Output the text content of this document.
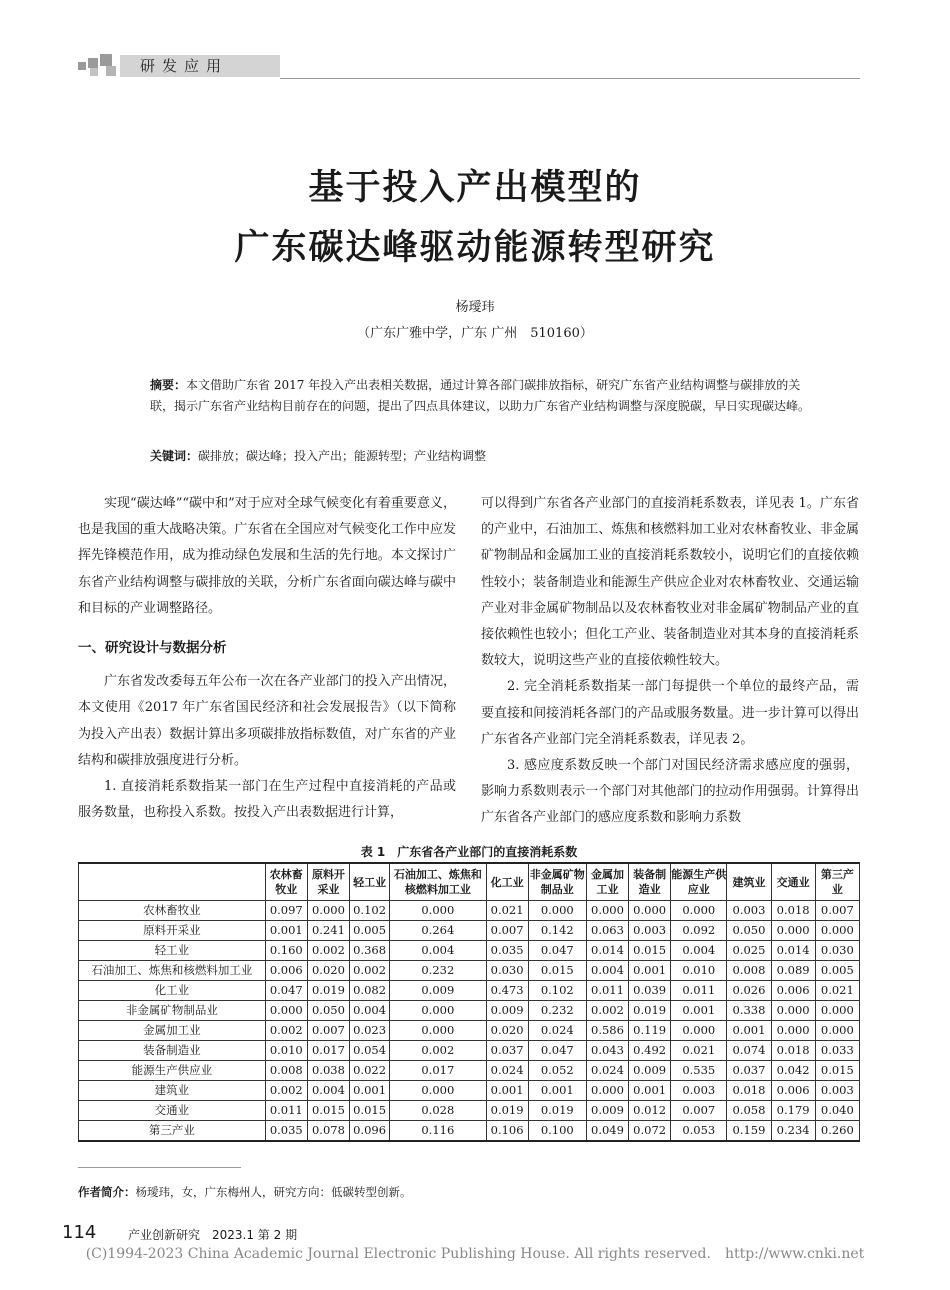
研发应用
基于投入产出模型的
广东碳达峰驱动能源转型研究
杨璦玮
（广东广雅中学，广东 广州　510160）
摘要：本文借助广东省 2017 年投入产出表相关数据，通过计算各部门碳排放指标，研究广东省产业结构调整与碳排放的关联，揭示广东省产业结构目前存在的问题，提出了四点具体建议，以助力广东省产业结构调整与深度脱碳，早日实现碳达峰。
关键词：碳排放；碳达峰；投入产出；能源转型；产业结构调整

实现“碳达峰”“碳中和”对于应对全球气候变化有着重要意义，也是我国的重大战略决策。广东省在全国应对气候变化工作中应发挥先锋模范作用，成为推动绿色发展和生活的先行地。本文探讨广东省产业结构调整与碳排放的关联，分析广东省面向碳达峰与碳中和目标的产业调整路径。

一、研究设计与数据分析

广东省发改委每五年公布一次在各产业部门的投入产出情况，本文使用《2017 年广东省国民经济和社会发展报告》（以下简称为投入产出表）数据计算出多项碳排放指标数值，对广东省的产业结构和碳排放强度进行分析。

1. 直接消耗系数指某一部门在生产过程中直接消耗的产品或服务数量，也称投入系数。按投入产出表数据进行计算，

可以得到广东省各产业部门的直接消耗系数表，详见表 1。广东省的产业中，石油加工、炼焦和核燃料加工业对农林畜牧业、非金属矿物制品和金属加工业的直接消耗系数较小，说明它们的直接依赖性较小；装备制造业和能源生产供应企业对农林畜牧业、交通运输产业对非金属矿物制品以及农林畜牧业对非金属矿物制品产业的直接依赖性也较小；但化工产业、装备制造业对其本身的直接消耗系数较大，说明这些产业的直接依赖性较大。

2. 完全消耗系数指某一部门每提供一个单位的最终产品，需要直接和间接消耗各部门的产品或服务数量。进一步计算可以得出广东省各产业部门完全消耗系数表，详见表 2。

3. 感应度系数反映一个部门对国民经济需求感应度的强弱，影响力系数则表示一个部门对其他部门的拉动作用强弱。计算得出广东省各产业部门的感应度系数和影响力系数

表 1　广东省各产业部门的直接消耗系数
	农林畜牧业	原料开采业	轻工业	石油加工、炼焦和核燃料加工业	化工业	非金属矿物制品业	金属加工业	装备制造业	能源生产供应业	建筑业	交通业	第三产业
农林畜牧业	0.097	0.000	0.102	0.000	0.021	0.000	0.000	0.000	0.000	0.003	0.018	0.007
原料开采业	0.001	0.241	0.005	0.264	0.007	0.142	0.063	0.003	0.092	0.050	0.000	0.000
轻工业	0.160	0.002	0.368	0.004	0.035	0.047	0.014	0.015	0.004	0.025	0.014	0.030
石油加工、炼焦和核燃料加工业	0.006	0.020	0.002	0.232	0.030	0.015	0.004	0.001	0.010	0.008	0.089	0.005
化工业	0.047	0.019	0.082	0.009	0.473	0.102	0.011	0.039	0.011	0.026	0.006	0.021
非金属矿物制品业	0.000	0.050	0.004	0.000	0.009	0.232	0.002	0.019	0.001	0.338	0.000	0.000
金属加工业	0.002	0.007	0.023	0.000	0.020	0.024	0.586	0.119	0.000	0.001	0.000	0.000
装备制造业	0.010	0.017	0.054	0.002	0.037	0.047	0.043	0.492	0.021	0.074	0.018	0.033
能源生产供应业	0.008	0.038	0.022	0.017	0.024	0.052	0.024	0.009	0.535	0.037	0.042	0.015
建筑业	0.002	0.004	0.001	0.000	0.001	0.001	0.000	0.001	0.003	0.018	0.006	0.003
交通业	0.011	0.015	0.015	0.028	0.019	0.019	0.009	0.012	0.007	0.058	0.179	0.040
第三产业	0.035	0.078	0.096	0.116	0.106	0.100	0.049	0.072	0.053	0.159	0.234	0.260
作者简介：杨璦玮，女，广东梅州人，研究方向：低碳转型创新。
114	产业创新研究　2023.1 第 2 期
(C)1994-2023 China Academic Journal Electronic Publishing House. All rights reserved.　http://www.cnki.net
